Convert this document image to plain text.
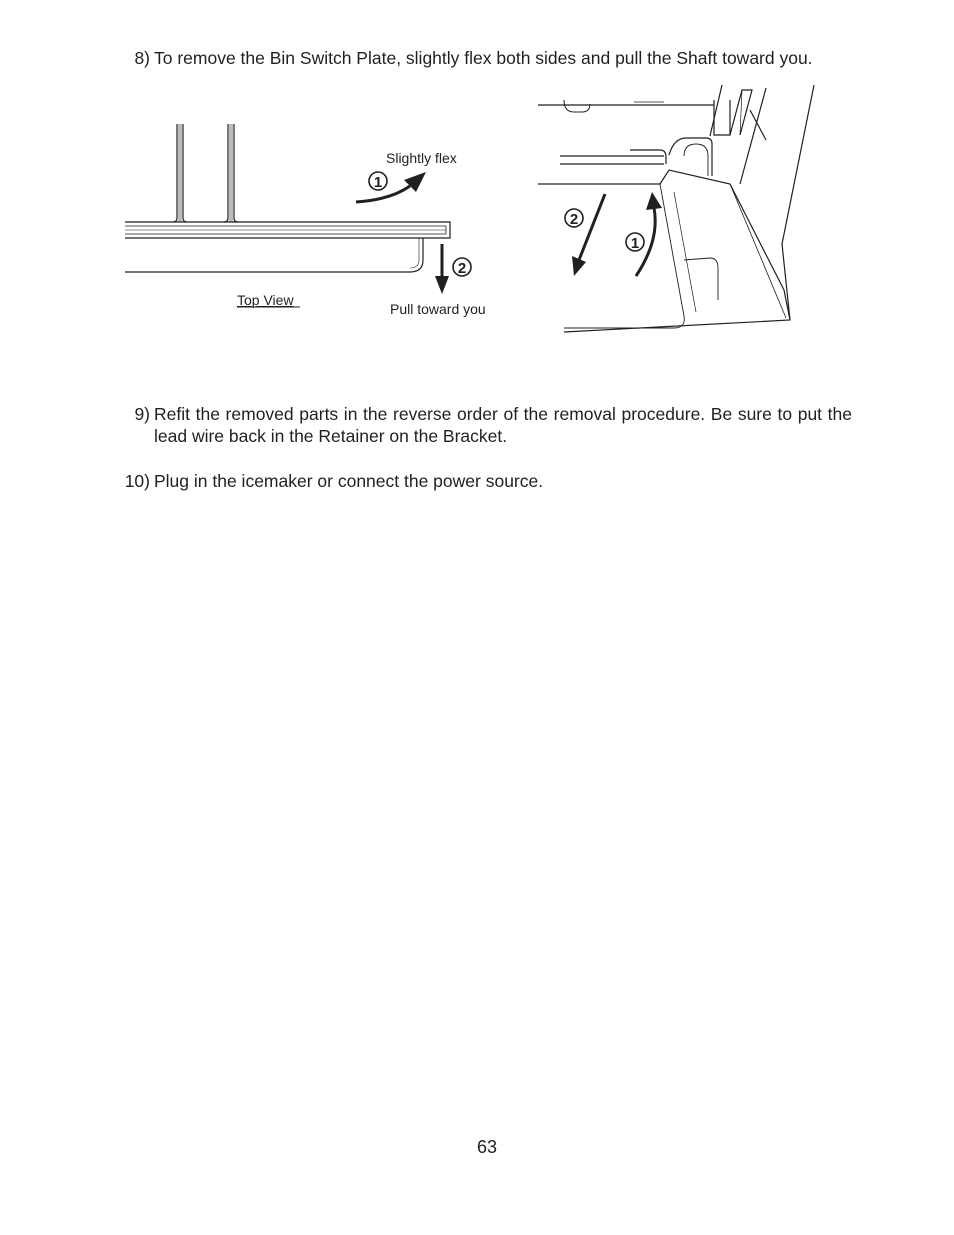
8) To remove the Bin Switch Plate, slightly flex both sides and pull the Shaft toward you.
1
2
Slightly flex
Pull toward you
Top View
2
1
9) Refit the removed parts in the reverse order of the removal procedure. Be sure to put the lead wire back in the Retainer on the Bracket.
10) Plug in the icemaker or connect the power source.
63
